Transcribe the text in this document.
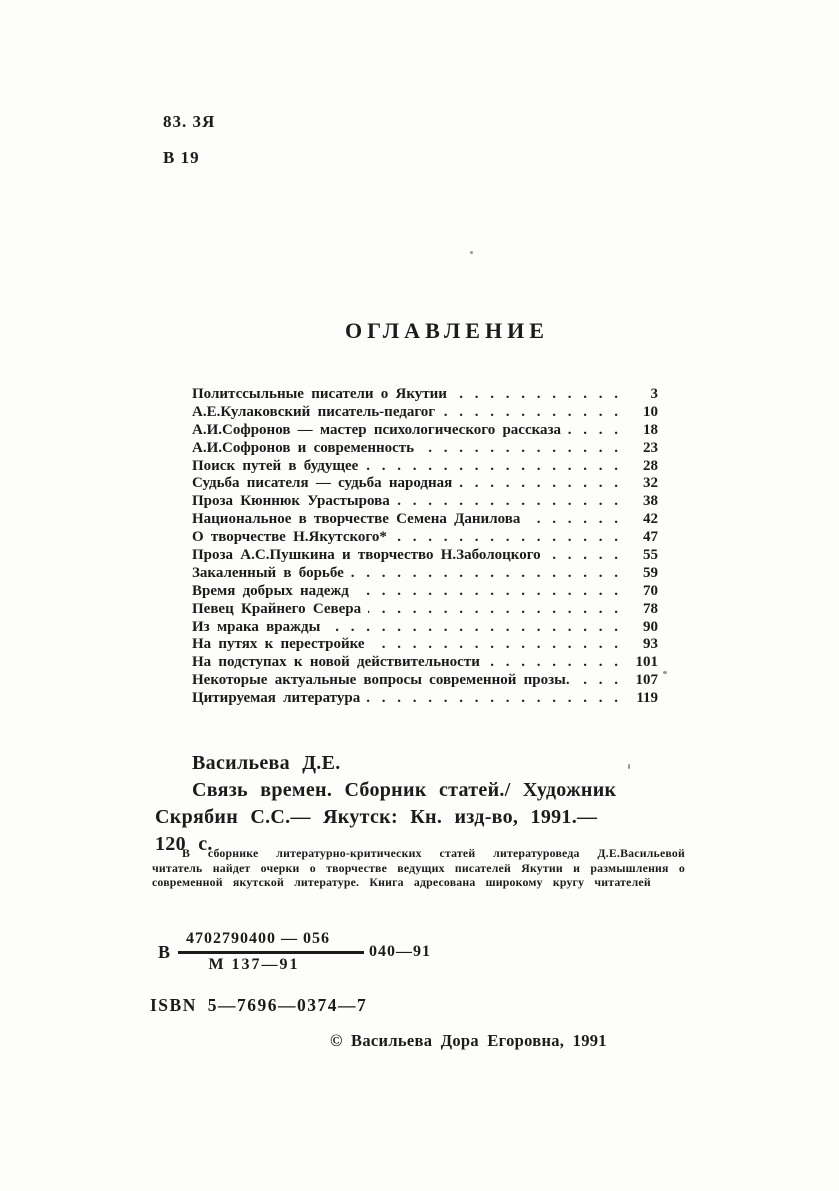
83. 3Я
В 19
ОГЛАВЛЕНИЕ
Политссыльные писатели о Якутии . . .	3
А.Е.Кулаковский писатель-педагог . . .	10
А.И.Софронов — мастер психологического рассказа . . .	18
А.И.Софронов и современность . . .	23
Поиск путей в будущее . . .	28
Судьба писателя — судьба народная . . .	32
Проза Кюннюк Урастырова . . .	38
Национальное в творчестве Семена Данилова . . .	42
О творчестве Н.Якутского* . . .	47
Проза А.С.Пушкина и творчество Н.Заболоцкого . . .	55
Закаленный в борьбе . . .	59
Время добрых надежд . . .	70
Певец Крайнего Севера . . .	78
Из мрака вражды . . .	90
На путях к перестройке . . .	93
На подступах к новой действительности . . .	101
Некоторые актуальные вопросы современной прозы. . . .	107
Цитируемая литература . . .	119
Васильева Д.Е.
Связь времен. Сборник статей./ Художник
Скрябин С.С.— Якутск: Кн. изд-во, 1991.—
120 с.
В сборнике литературно-критических статей литературоведа Д.Е.Васильевой читатель найдет очерки о творчестве ведущих писателей Якутии и размышления о современной якутской литературе. Книга адресована широкому кругу читателей
В $\frac{4702790400 — 056}{М 137—91}$ 040—91
ISBN 5—7696—0374—7
© Васильева Дора Егоровна, 1991
